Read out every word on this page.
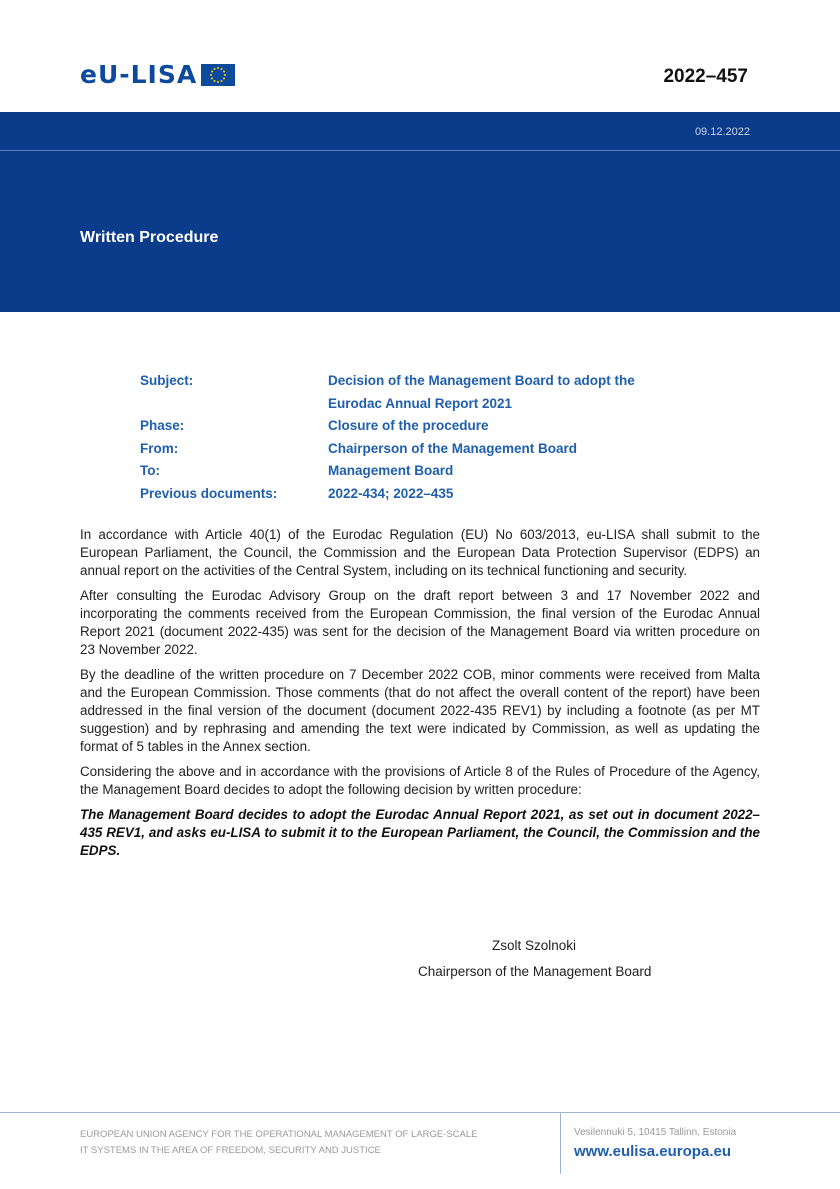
eU-LISA	2022–457
09.12.2022
Written Procedure
Subject:	Decision of the Management Board to adopt the Eurodac Annual Report 2021
Phase:	Closure of the procedure
From:	Chairperson of the Management Board
To:	Management Board
Previous documents:	2022-434; 2022–435

In accordance with Article 40(1) of the Eurodac Regulation (EU) No 603/2013, eu-LISA shall submit to the European Parliament, the Council, the Commission and the European Data Protection Supervisor (EDPS) an annual report on the activities of the Central System, including on its technical functioning and security.

After consulting the Eurodac Advisory Group on the draft report between 3 and 17 November 2022 and incorporating the comments received from the European Commission, the final version of the Eurodac Annual Report 2021 (document 2022-435) was sent for the decision of the Management Board via written procedure on 23 November 2022.

By the deadline of the written procedure on 7 December 2022 COB, minor comments were received from Malta and the European Commission. Those comments (that do not affect the overall content of the report) have been addressed in the final version of the document (document 2022-435 REV1) by including a footnote (as per MT suggestion) and by rephrasing and amending the text were indicated by Commission, as well as updating the format of 5 tables in the Annex section.

Considering the above and in accordance with the provisions of Article 8 of the Rules of Procedure of the Agency, the Management Board decides to adopt the following decision by written procedure:

The Management Board decides to adopt the Eurodac Annual Report 2021, as set out in document 2022–435 REV1, and asks eu-LISA to submit it to the European Parliament, the Council, the Commission and the EDPS.

Zsolt Szolnoki
Chairperson of the Management Board
EUROPEAN UNION AGENCY FOR THE OPERATIONAL MANAGEMENT OF LARGE-SCALE
IT SYSTEMS IN THE AREA OF FREEDOM, SECURITY AND JUSTICE
Vesilennuki 5, 10415 Tallinn, Estonia
www.eulisa.europa.eu
